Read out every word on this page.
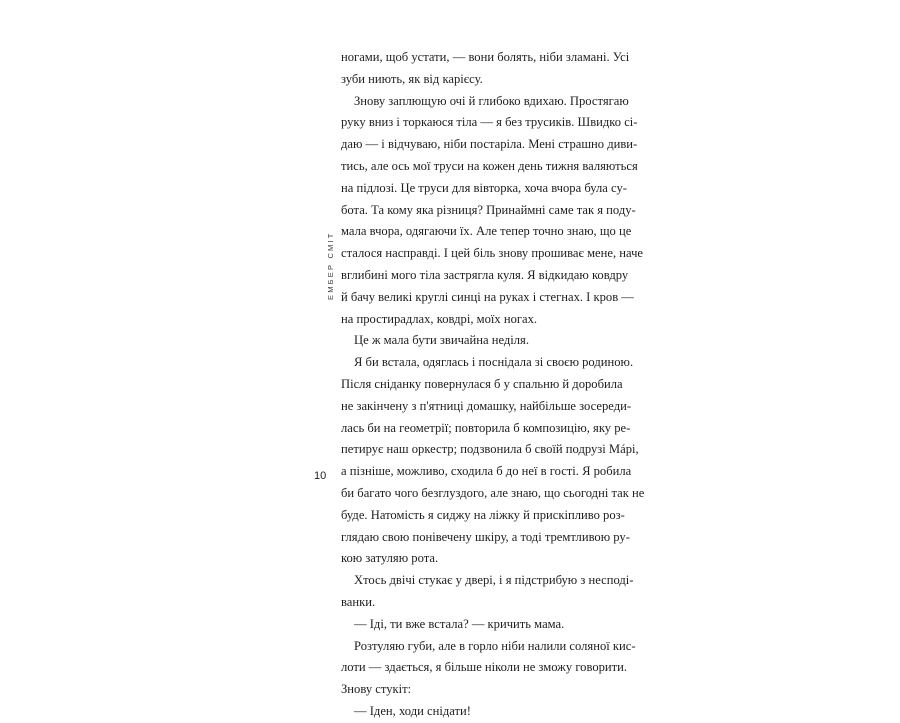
ЕМБЕР СМІТ
ногами, щоб устати, — вони болять, ніби зламані. Усі
зуби ниють, як від карієсу.
Знову заплющую очі й глибоко вдихаю. Простягаю
руку вниз і торкаюся тіла — я без трусиків. Швидко сі-
даю — і відчуваю, ніби постаріла. Мені страшно диви-
тись, але ось мої труси на кожен день тижня валяються
на підлозі. Це труси для вівторка, хоча вчора була су-
бота. Та кому яка різниця? Принаймні саме так я поду-
мала вчора, одягаючи їх. Але тепер точно знаю, що це
сталося насправді. І цей біль знову прошиває мене, наче
вглибині мого тіла застрягла куля. Я відкидаю ковдру
й бачу великі круглі синці на руках і стегнах. І кров —
на простирадлах, ковдрі, моїх ногах.
Це ж мала бути звичайна неділя.
Я би встала, одяглась і поснідала зі своєю родиною.
Після сніданку повернулася б у спальню й доробила
не закінчену з п'ятниці домашку, найбільше зосереди-
лась би на геометрії; повторила б композицію, яку ре-
петирує наш оркестр; подзвонила б своїй подрузі Мáрі,
а пізніше, можливо, сходила б до неї в гості. Я робила
би багато чого безглуздого, але знаю, що сьогодні так не
буде. Натомість я сиджу на ліжку й прискіпливо роз-
глядаю свою понівечену шкіру, а тоді тремтливою ру-
кою затуляю рота.
Хтось двічі стукає у двері, і я підстрибую з несподі-
ванки.
— Іді, ти вже встала? — кричить мама.
Розтуляю губи, але в горло ніби налили соляної кис-
лоти — здається, я більше ніколи не зможу говорити.
Знову стукіт:
— Іден, ходи снідати!
10
